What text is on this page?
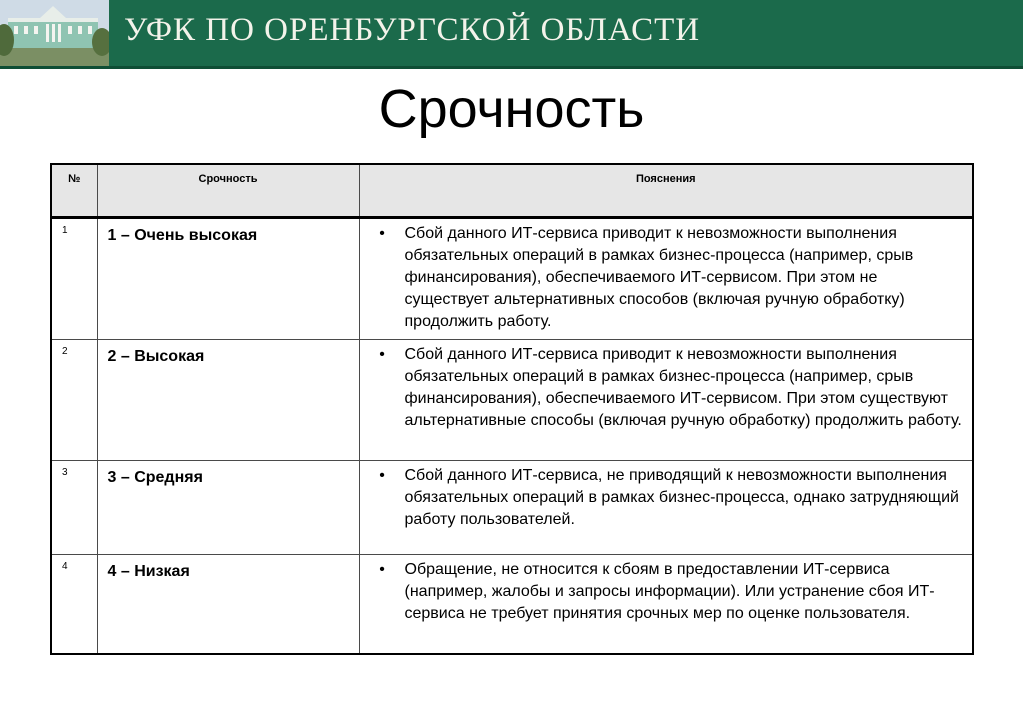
УФК ПО ОРЕНБУРГСКОЙ ОБЛАСТИ
Срочность
№	Срочность	Пояснения
1	1 – Очень высокая	• Сбой данного ИТ-сервиса приводит к невозможности выполнения обязательных операций в рамках бизнес-процесса (например, срыв финансирования), обеспечиваемого ИТ-сервисом. При этом не существует альтернативных способов (включая ручную обработку) продолжить работу.

2	2 – Высокая	• Сбой данного ИТ-сервиса приводит к невозможности выполнения обязательных операций в рамках бизнес-процесса (например, срыв финансирования), обеспечиваемого ИТ-сервисом. При этом существуют альтернативные способы (включая ручную обработку) продолжить работу.

3	3 – Средняя	• Сбой данного ИТ-сервиса, не приводящий к невозможности выполнения обязательных операций в рамках бизнес-процесса, однако затрудняющий работу пользователей.

4	4 – Низкая	• Обращение, не относится к сбоям в предоставлении ИТ-сервиса (например, жалобы и запросы информации). Или устранение сбоя ИТ-сервиса не требует принятия срочных мер по оценке пользователя.
